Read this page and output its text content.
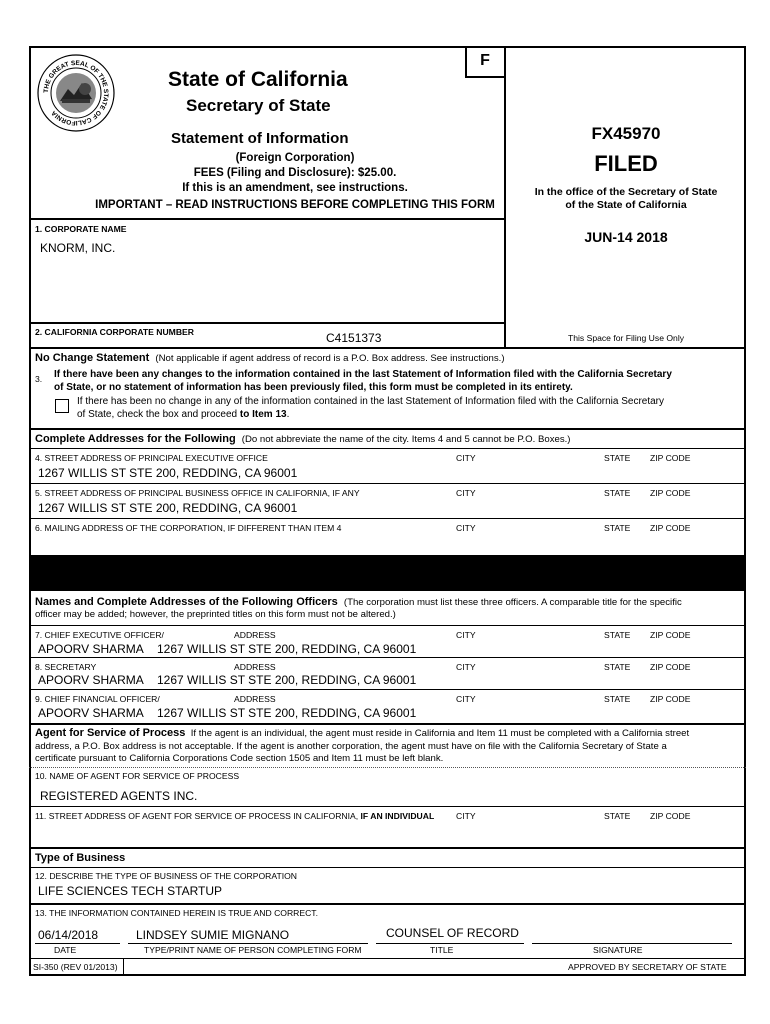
THE GREAT SEAL OF THE STATE OF CALIFORNIA
State of California
Secretary of State
Statement of Information
(Foreign Corporation)
FEES (Filing and Disclosure): $25.00.
If this is an amendment, see instructions.
IMPORTANT – READ INSTRUCTIONS BEFORE COMPLETING THIS FORM
F
FX45970
FILED
In the office of the Secretary of State
of the State of California
JUN-14 2018
This Space for Filing Use Only
1. CORPORATE NAME
KNORM, INC.
2. CALIFORNIA CORPORATE NUMBER	C4151373
No Change Statement (Not applicable if agent address of record is a P.O. Box address. See instructions.)
3. If there have been any changes to the information contained in the last Statement of Information filed with the California Secretary
of State, or no statement of information has been previously filed, this form must be completed in its entirety.
If there has been no change in any of the information contained in the last Statement of Information filed with the California Secretary
of State, check the box and proceed to Item 13.
Complete Addresses for the Following (Do not abbreviate the name of the city. Items 4 and 5 cannot be P.O. Boxes.)
4. STREET ADDRESS OF PRINCIPAL EXECUTIVE OFFICE	CITY	STATE ZIP CODE
1267 WILLIS ST STE 200, REDDING, CA 96001
5. STREET ADDRESS OF PRINCIPAL BUSINESS OFFICE IN CALIFORNIA, IF ANY	CITY	STATE ZIP CODE
1267 WILLIS ST STE 200, REDDING, CA 96001
6. MAILING ADDRESS OF THE CORPORATION, IF DIFFERENT THAN ITEM 4	CITY	STATE ZIP CODE
Names and Complete Addresses of the Following Officers (The corporation must list these three officers. A comparable title for the specific
officer may be added; however, the preprinted titles on this form must not be altered.)
7. CHIEF EXECUTIVE OFFICER/	ADDRESS	CITY	STATE ZIP CODE
APOORV SHARMA 1267 WILLIS ST STE 200, REDDING, CA 96001
8. SECRETARY	ADDRESS	CITY	STATE ZIP CODE
APOORV SHARMA 1267 WILLIS ST STE 200, REDDING, CA 96001
9. CHIEF FINANCIAL OFFICER/	ADDRESS	CITY	STATE ZIP CODE
APOORV SHARMA 1267 WILLIS ST STE 200, REDDING, CA 96001
Agent for Service of Process If the agent is an individual, the agent must reside in California and Item 11 must be completed with a California street
address, a P.O. Box address is not acceptable. If the agent is another corporation, the agent must have on file with the California Secretary of State a
certificate pursuant to California Corporations Code section 1505 and Item 11 must be left blank.
10. NAME OF AGENT FOR SERVICE OF PROCESS
REGISTERED AGENTS INC.
11. STREET ADDRESS OF AGENT FOR SERVICE OF PROCESS IN CALIFORNIA, IF AN INDIVIDUAL	CITY	STATE ZIP CODE
Type of Business
12. DESCRIBE THE TYPE OF BUSINESS OF THE CORPORATION
LIFE SCIENCES TECH STARTUP
13. THE INFORMATION CONTAINED HEREIN IS TRUE AND CORRECT.
06/14/2018	LINDSEY SUMIE MIGNANO	COUNSEL OF RECORD
DATE	TYPE/PRINT NAME OF PERSON COMPLETING FORM	TITLE	SIGNATURE
SI-350 (REV 01/2013)	APPROVED BY SECRETARY OF STATE
